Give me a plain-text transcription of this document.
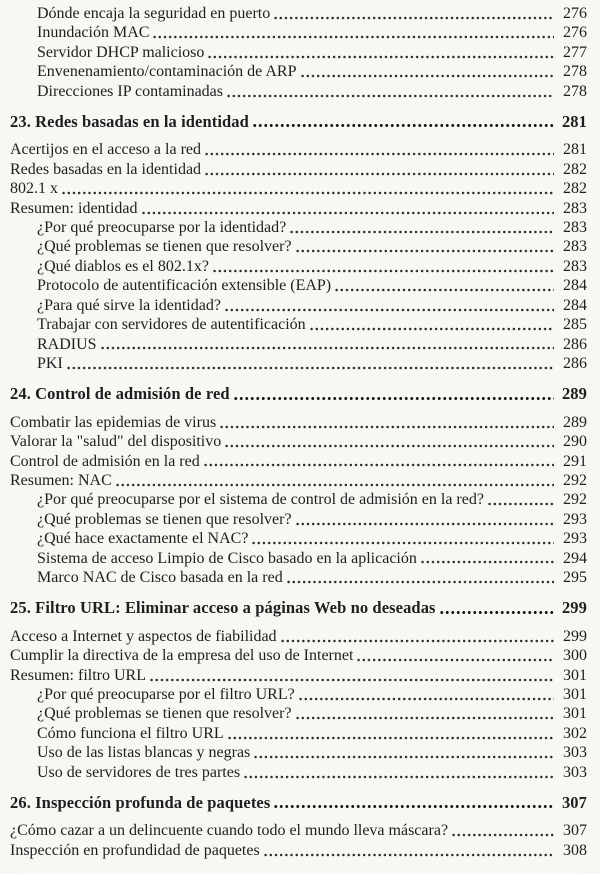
Dónde encaja la seguridad en puerto	276
Inundación MAC	276
Servidor DHCP malicioso	277
Envenenamiento/contaminación de ARP	278
Direcciones IP contaminadas	278
23. Redes basadas en la identidad	281
Acertijos en el acceso a la red	281
Redes basadas en la identidad	282
802.1 x	282
Resumen: identidad	283
¿Por qué preocuparse por la identidad?	283
¿Qué problemas se tienen que resolver?	283
¿Qué diablos es el 802.1x?	283
Protocolo de autentificación extensible (EAP)	284
¿Para qué sirve la identidad?	284
Trabajar con servidores de autentificación	285
RADIUS	286
PKI	286
24. Control de admisión de red	289
Combatir las epidemias de virus	289
Valorar la "salud" del dispositivo	290
Control de admisión en la red	291
Resumen: NAC	292
¿Por qué preocuparse por el sistema de control de admisión en la red?	292
¿Qué problemas se tienen que resolver?	293
¿Qué hace exactamente el NAC?	293
Sistema de acceso Limpio de Cisco basado en la aplicación	294
Marco NAC de Cisco basada en la red	295
25. Filtro URL: Eliminar acceso a páginas Web no deseadas	299
Acceso a Internet y aspectos de fiabilidad	299
Cumplir la directiva de la empresa del uso de Internet	300
Resumen: filtro URL	301
¿Por qué preocuparse por el filtro URL?	301
¿Qué problemas se tienen que resolver?	301
Cómo funciona el filtro URL	302
Uso de las listas blancas y negras	303
Uso de servidores de tres partes	303
26. Inspección profunda de paquetes	307
¿Cómo cazar a un delincuente cuando todo el mundo lleva máscara?	307
Inspección en profundidad de paquetes	308
